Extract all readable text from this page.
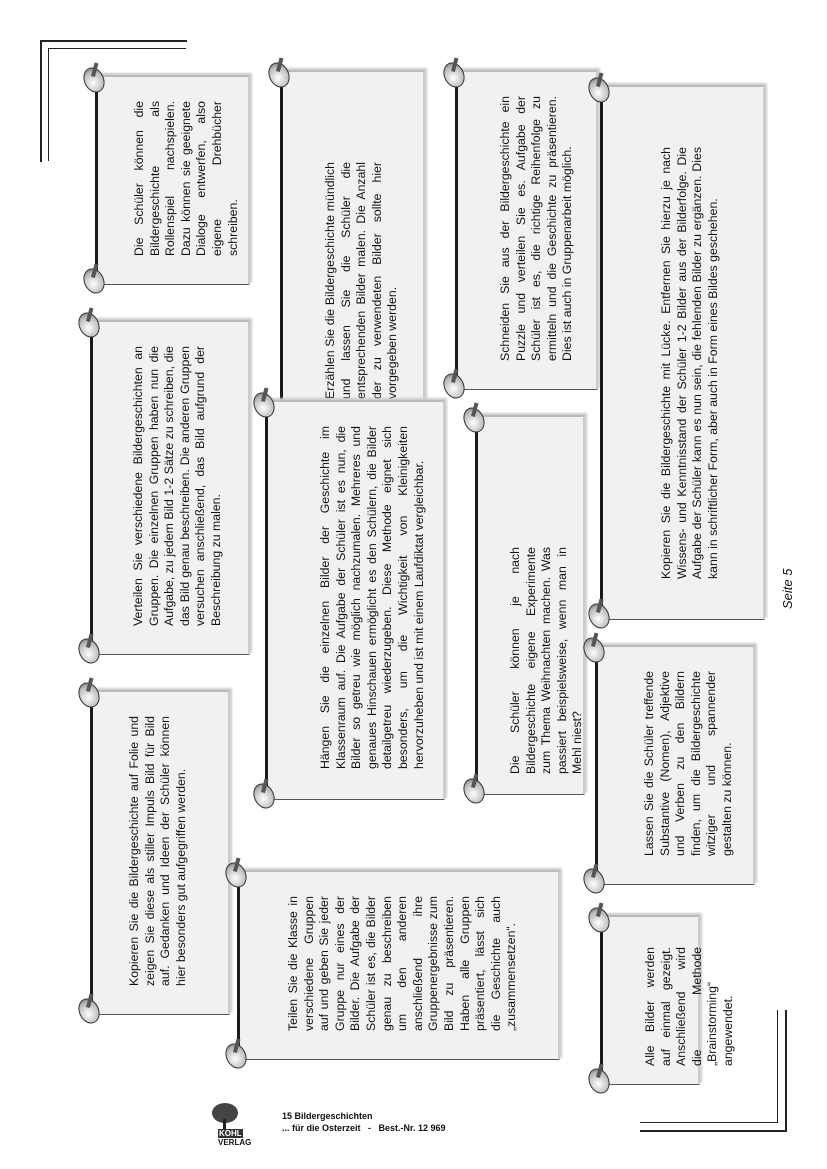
Die Schüler können die Bildergeschichte als Rollenspiel nachspielen. Dazu können sie geeignete Dialoge entwerfen, also eigene Drehbücher schreiben.	Erzählen Sie die Bildergeschichte mündlich und lassen Sie die Schüler die entsprechenden Bilder malen. Die Anzahl der zu verwendeten Bilder sollte hier vorgegeben werden.	Schneiden Sie aus der Bildergeschichte ein Puzzle und verteilen Sie es. Aufgabe der Schüler ist es, die richtige Reihenfolge zu ermitteln und die Geschichte zu präsentieren. Dies ist auch in Gruppenarbeit möglich.	Kopieren Sie die Bildergeschichte mit Lücke. Entfernen Sie hierzu je nach Wissens- und Kenntnisstand der Schüler 1-2 Bilder aus der Bilderfolge. Die Aufgabe der Schüler kann es nun sein, die fehlenden Bilder zu ergänzen. Dies kann in schriftlicher Form, aber auch in Form eines Bildes geschehen.
Verteilen Sie verschiedene Bildergeschichten an Gruppen. Die einzelnen Gruppen haben nun die Aufgabe, zu jedem Bild 1-2 Sätze zu schreiben, die das Bild genau beschreiben. Die anderen Gruppen versuchen anschließend, das Bild aufgrund der Beschreibung zu malen.	Hängen Sie die einzelnen Bilder der Geschichte im Klassenraum auf. Die Aufgabe der Schüler ist es nun, die Bilder so getreu wie möglich nachzumalen. Mehreres und genaues Hinschauen ermöglicht es den Schülern, die Bilder detailgetreu wiederzugeben. Diese Methode eignet sich besonders, um die Wichtigkeit von Kleinigkeiten hervorzuheben und ist mit einem Laufdiktat vergleichbar.	Die Schüler können je nach Bildergeschichte eigene Experimente zum Thema Weihnachten machen. Was passiert beispielsweise, wenn man in Mehl niest?
Kopieren Sie die Bildergeschichte auf Folie und zeigen Sie diese als stiller Impuls Bild für Bild auf. Gedanken und Ideen der Schüler können hier besonders gut aufgegriffen werden.	Teilen Sie die Klasse in verschiedene Gruppen auf und geben Sie jeder Gruppe nur eines der Bilder. Die Aufgabe der Schüler ist es, die Bilder genau zu beschreiben um den anderen anschließend ihre Gruppenergebnisse zum Bild zu präsentieren. Haben alle Gruppen präsentiert, lässt sich die Geschichte auch „zusammensetzen“.
Lassen Sie die Schüler treffende Substantive (Nomen), Adjektive und Verben zu den Bildern finden, um die Bildergeschichte witziger und spannender gestalten zu können.
Alle Bilder werden auf einmal gezeigt. Anschließend wird die Methode „Brainstorming“ angewendet.
Seite 5
KOHL VERLAG
15 Bildergeschichten
... für die Osterzeit   -   Best.-Nr. 12 969
